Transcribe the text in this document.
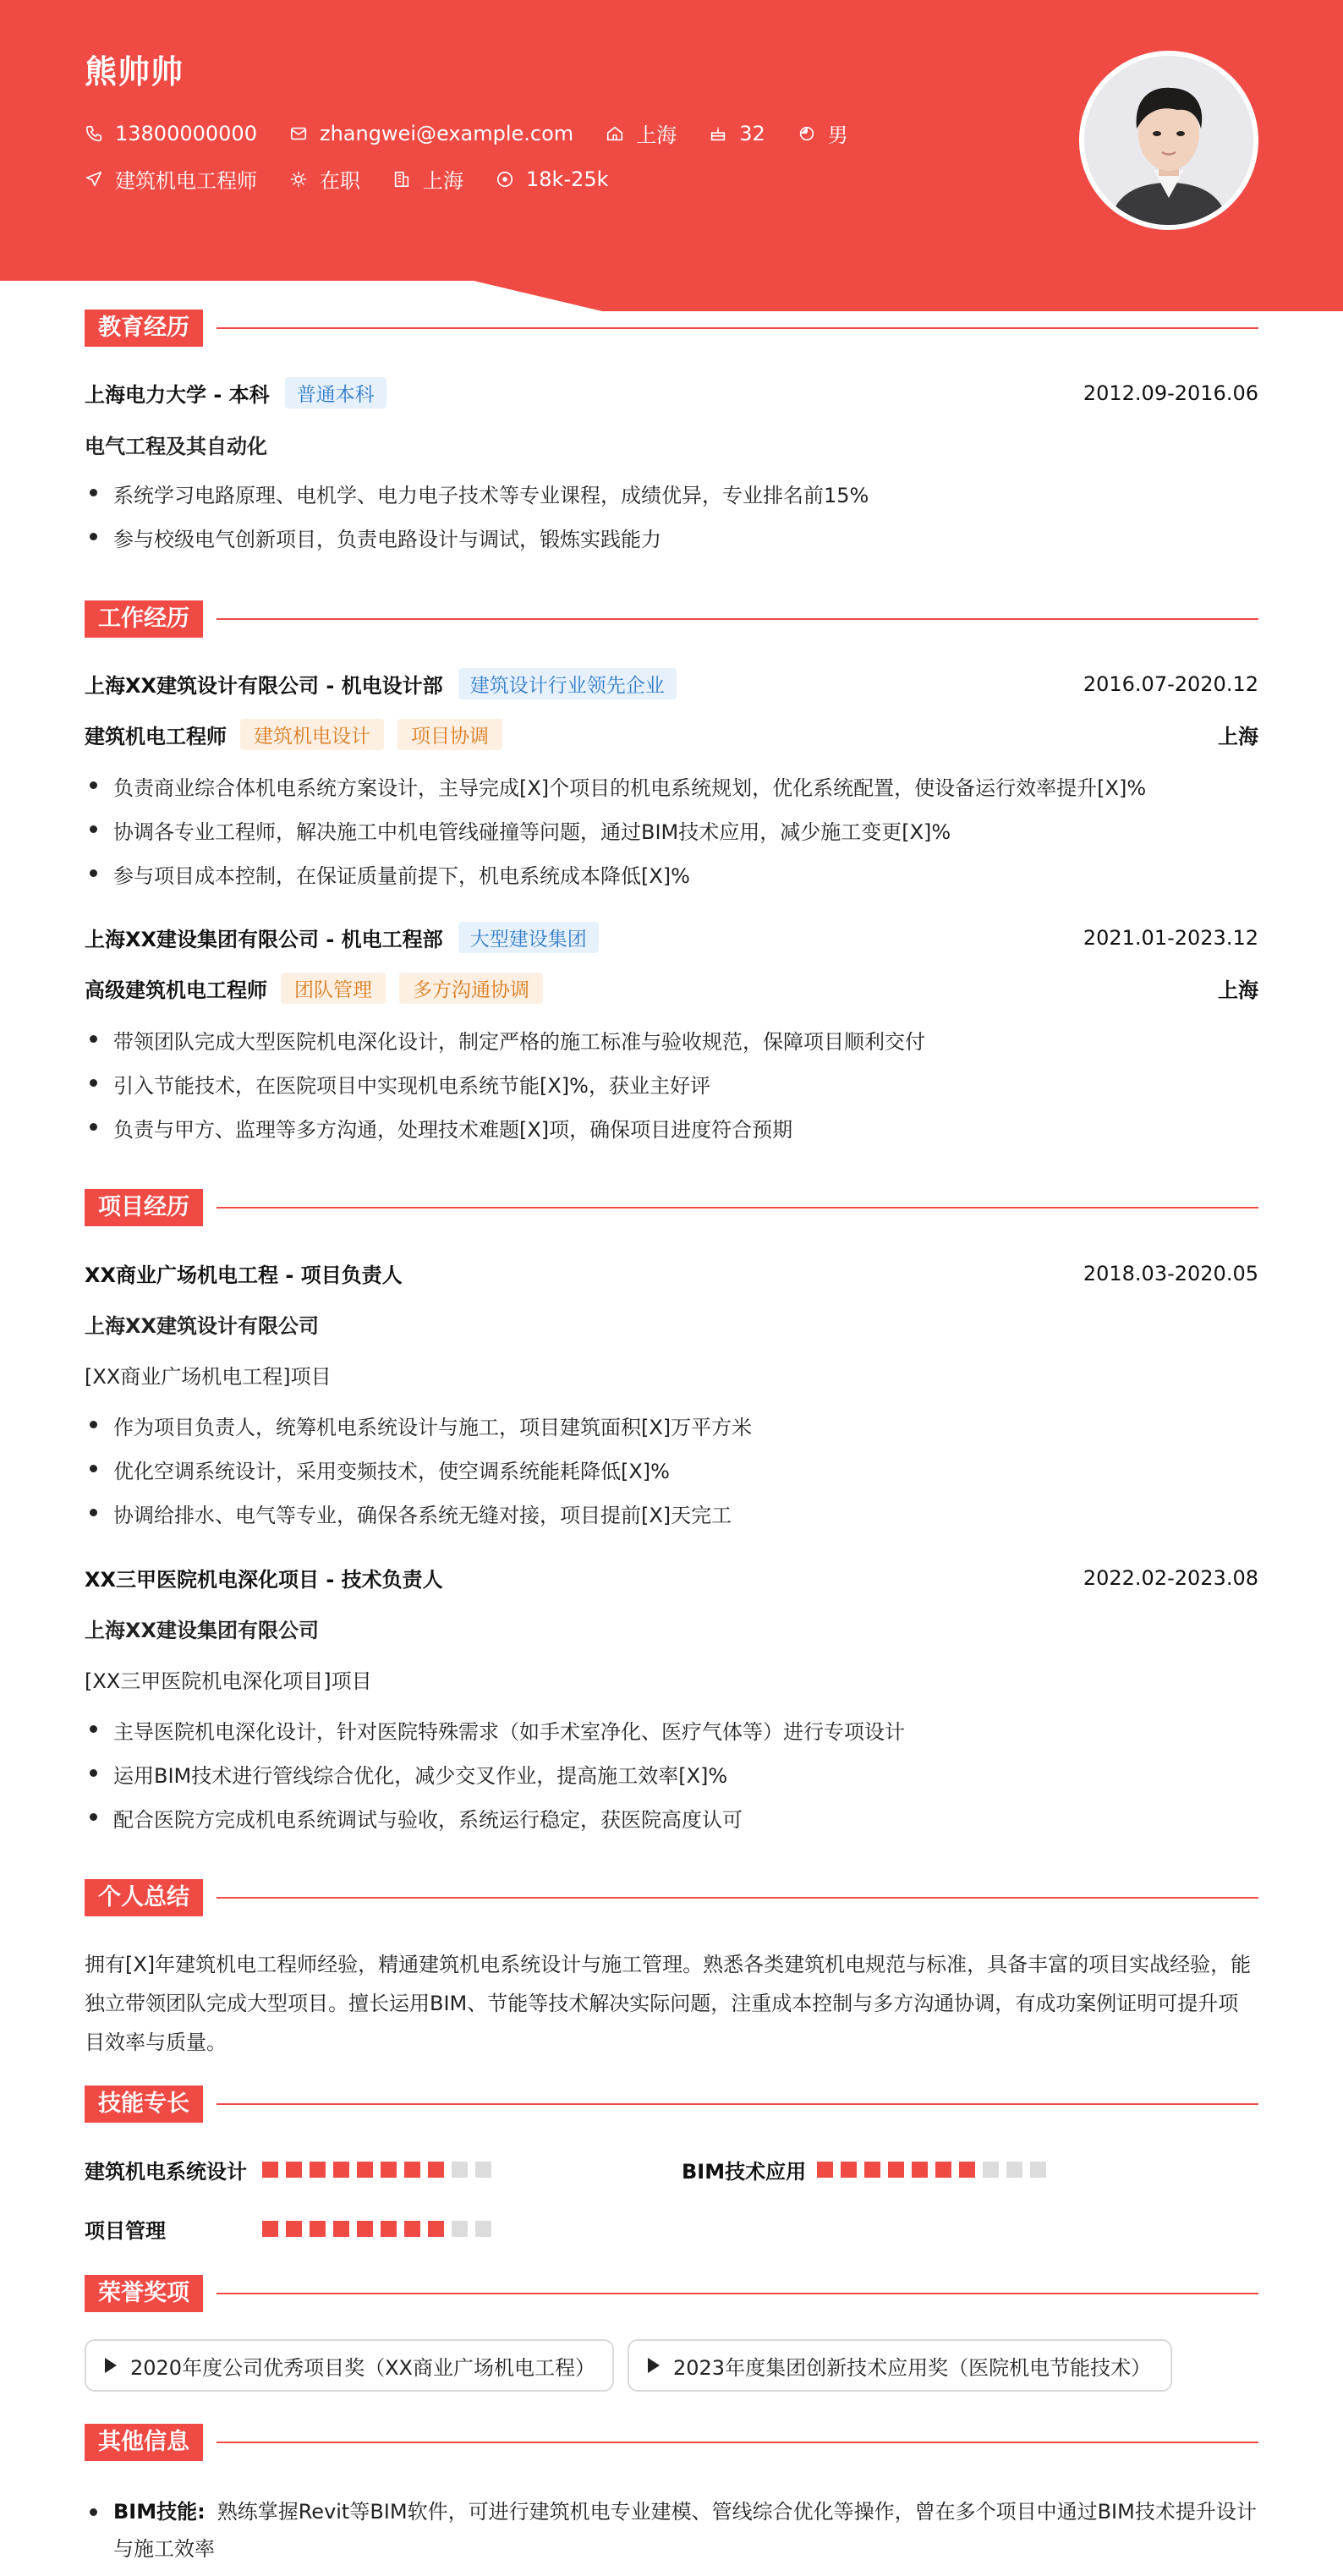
熊帅帅
13800000000	zhangwei@example.com	上海	32	男
建筑机电工程师	在职	上海	18k-25k
教育经历
上海电力大学 - 本科	普通本科	2012.09-2016.06
电气工程及其自动化
系统学习电路原理、电机学、电力电子技术等专业课程，成绩优异，专业排名前15%
参与校级电气创新项目，负责电路设计与调试，锻炼实践能力
工作经历
上海XX建筑设计有限公司 - 机电设计部	建筑设计行业领先企业	2016.07-2020.12
建筑机电工程师	建筑机电设计	项目协调	上海
负责商业综合体机电系统方案设计，主导完成[X]个项目的机电系统规划，优化系统配置，使设备运行效率提升[X]%
协调各专业工程师，解决施工中机电管线碰撞等问题，通过BIM技术应用，减少施工变更[X]%
参与项目成本控制，在保证质量前提下，机电系统成本降低[X]%
上海XX建设集团有限公司 - 机电工程部	大型建设集团	2021.01-2023.12
高级建筑机电工程师	团队管理	多方沟通协调	上海
带领团队完成大型医院机电深化设计，制定严格的施工标准与验收规范，保障项目顺利交付
引入节能技术，在医院项目中实现机电系统节能[X]%，获业主好评
负责与甲方、监理等多方沟通，处理技术难题[X]项，确保项目进度符合预期
项目经历
XX商业广场机电工程 - 项目负责人	2018.03-2020.05
上海XX建筑设计有限公司
[XX商业广场机电工程]项目
作为项目负责人，统筹机电系统设计与施工，项目建筑面积[X]万平方米
优化空调系统设计，采用变频技术，使空调系统能耗降低[X]%
协调给排水、电气等专业，确保各系统无缝对接，项目提前[X]天完工
XX三甲医院机电深化项目 - 技术负责人	2022.02-2023.08
上海XX建设集团有限公司
[XX三甲医院机电深化项目]项目
主导医院机电深化设计，针对医院特殊需求（如手术室净化、医疗气体等）进行专项设计
运用BIM技术进行管线综合优化，减少交叉作业，提高施工效率[X]%
配合医院方完成机电系统调试与验收，系统运行稳定，获医院高度认可
个人总结
拥有[X]年建筑机电工程师经验，精通建筑机电系统设计与施工管理。熟悉各类建筑机电规范与标准，具备丰富的项目实战经验，能独立带领团队完成大型项目。擅长运用BIM、节能等技术解决实际问题，注重成本控制与多方沟通协调，有成功案例证明可提升项目效率与质量。
技能专长
建筑机电系统设计	BIM技术应用
项目管理
荣誉奖项
2020年度公司优秀项目奖（XX商业广场机电工程）	2023年度集团创新技术应用奖（医院机电节能技术）
其他信息
BIM技能: 熟练掌握Revit等BIM软件，可进行建筑机电专业建模、管线综合优化等操作，曾在多个项目中通过BIM技术提升设计与施工效率
